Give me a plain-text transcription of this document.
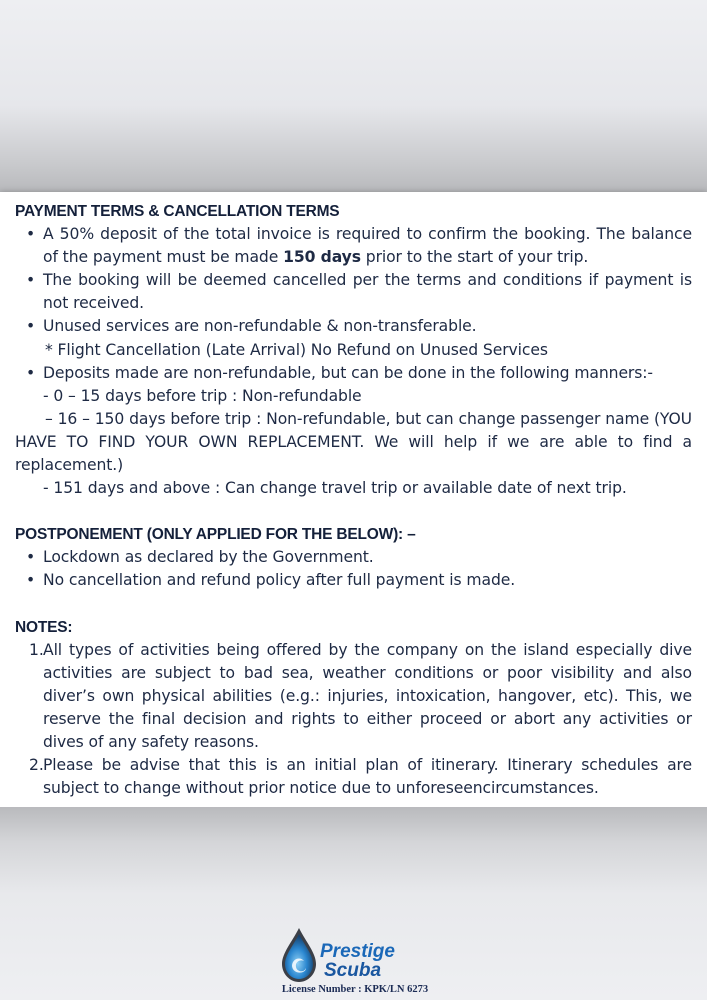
PAYMENT TERMS & CANCELLATION TERMS

• A 50% deposit of the total invoice is required to confirm the booking. The balance of the payment must be made 150 days prior to the start of your trip.
• The booking will be deemed cancelled per the terms and conditions if payment is not received.
• Unused services are non-refundable & non-transferable.

* Flight Cancellation (Late Arrival) No Refund on Unused Services

• Deposits made are non-refundable, but can be done in the following manners:-

- 0 – 15 days before trip : Non-refundable

– 16 – 150 days before trip : Non-refundable, but can change passenger name (YOU HAVE TO FIND YOUR OWN REPLACEMENT. We will help if we are able to find a replacement.)

- 151 days and above : Can change travel trip or available date of next trip.

POSTPONEMENT (ONLY APPLIED FOR THE BELOW): –

• Lockdown as declared by the Government.
• No cancellation and refund policy after full payment is made.

NOTES:

1. All types of activities being offered by the company on the island especially dive activities are subject to bad sea, weather conditions or poor visibility and also diver’s own physical abilities (e.g.: injuries, intoxication, hangover, etc). This, we reserve the final decision and rights to either proceed or abort any activities or dives of any safety reasons.
2. Please be advise that this is an initial plan of itinerary. Itinerary schedules are subject to change without prior notice due to unforeseencircumstances.
Prestige
Scuba
License Number : KPK/LN 6273
